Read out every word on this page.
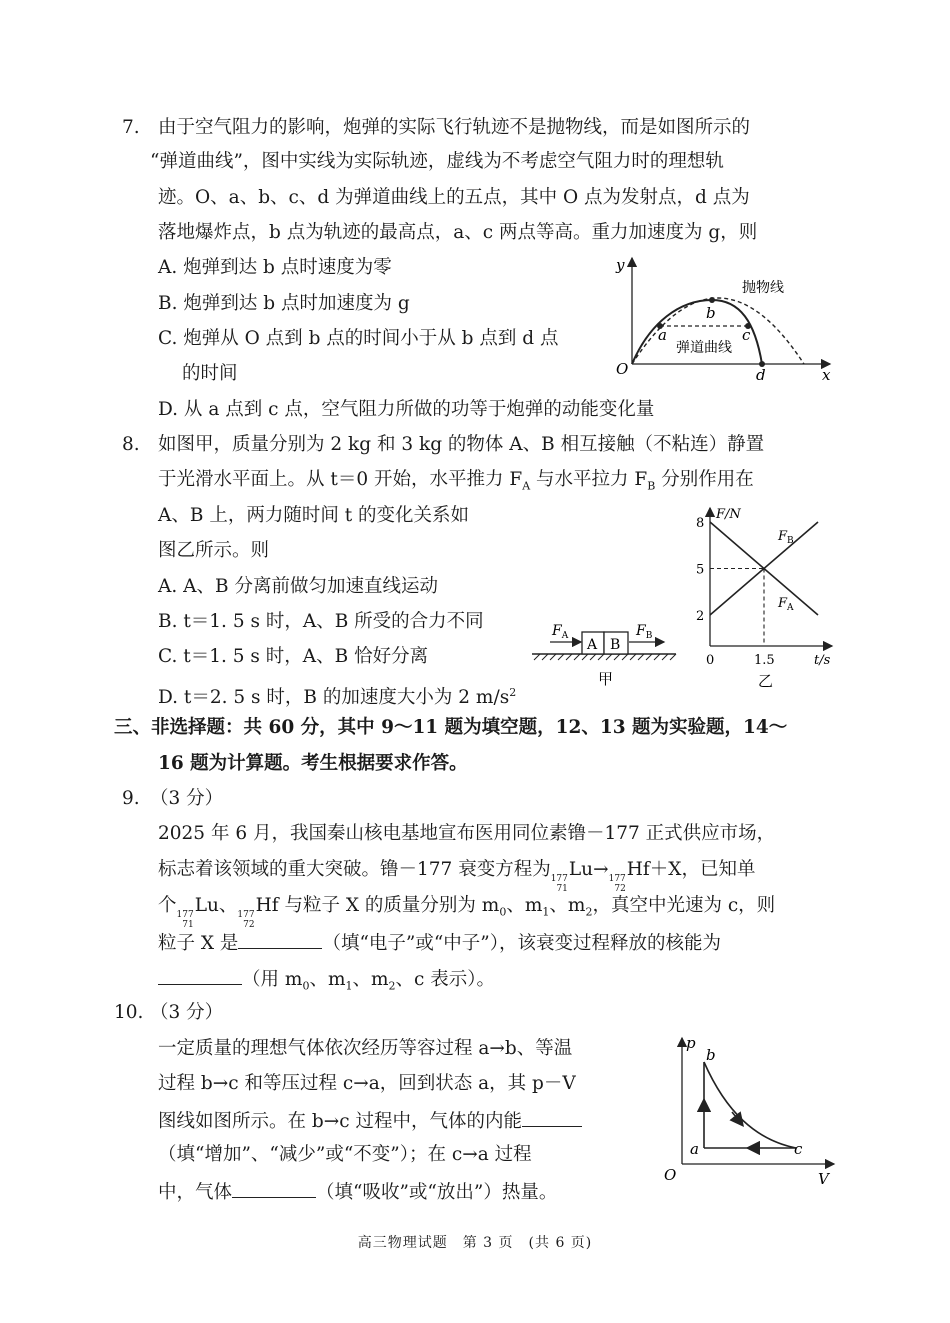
7. 由于空气阻力的影响，炮弹的实际飞行轨迹不是抛物线，而是如图所示的
“弹道曲线”，图中实线为实际轨迹，虚线为不考虑空气阻力时的理想轨
迹。O、a、b、c、d 为弹道曲线上的五点，其中 O 点为发射点，d 点为
落地爆炸点，b 点为轨迹的最高点，a、c 两点等高。重力加速度为 g，则
A. 炮弹到达 b 点时速度为零
B. 炮弹到达 b 点时加速度为 g
C. 炮弹从 O 点到 b 点的时间小于从 b 点到 d 点
的时间
D. 从 a 点到 c 点，空气阻力所做的功等于炮弹的动能变化量
y
x
O
a
b
c
d
抛物线
弹道曲线
8. 如图甲，质量分别为 2 kg 和 3 kg 的物体 A、B 相互接触（不粘连）静置
于光滑水平面上。从 t＝0 开始，水平推力 $F_A$ 与水平拉力 $F_B$ 分别作用在
A、B 上，两力随时间 t 的变化关系如
图乙所示。则
A. A、B 分离前做匀加速直线运动
B. t＝1. 5 s 时，A、B 所受的合力不同
C. t＝1. 5 s 时，A、B 恰好分离
D. t＝2. 5 s 时，B 的加速度大小为 2 $m/s^2$
A B
$F_A$	$F_B$
甲
F/N
t/s
8
5
2
0	1.5
$F_B$
$F_A$
乙
三、非选择题：共 60 分，其中 9～11 题为填空题，12、13 题为实验题，14～
16 题为计算题。考生根据要求作答。
9. （3 分）
2025 年 6 月，我国秦山核电基地宣布医用同位素镥－177 正式供应市场，
标志着该领域的重大突破。镥－177 衰变方程为 177
71
Lu→ 177
72
Hf＋X，已知单
个 177
71
Lu、 177
72
Hf 与粒子 X 的质量分别为 $m_0$、$m_1$、$m_2$，真空中光速为 c，则
粒子 X 是	（填“电子”或“中子”），该衰变过程释放的核能为
（用 $m_0$、$m_1$、$m_2$、c 表示）。
10. （3 分）
一定质量的理想气体依次经历等容过程 a→b、等温
过程 b→c 和等压过程 c→a，回到状态 a，其 p－V
图线如图所示。在 b→c 过程中，气体的内能
（填“增加”、“减少”或“不变”）；在 c→a 过程
中，气体	（填“吸收”或“放出”）热量。
p
V
O
a
b
c
高三物理试题　第 3 页　(共 6 页)
